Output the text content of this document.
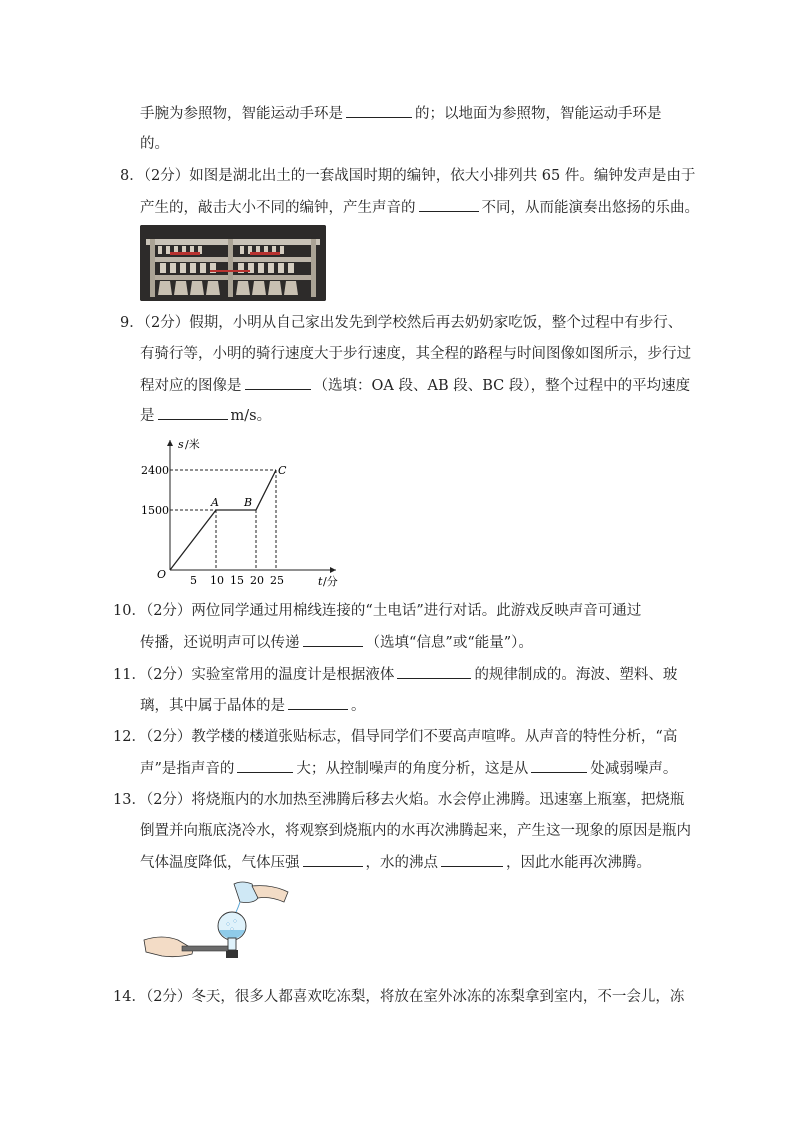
手腕为参照物，智能运动手环是	的；以地面为参照物，智能运动手环是
的。
8．（2分）如图是湖北出土的一套战国时期的编钟，依大小排列共 65 件。编钟发声是由于
产生的，敲击大小不同的编钟，产生声音的	不同，从而能演奏出悠扬的乐曲。
9．（2分）假期，小明从自己家出发先到学校然后再去奶奶家吃饭，整个过程中有步行、
有骑行等，小明的骑行速度大于步行速度，其全程的路程与时间图像如图所示，步行过
程对应的图像是	（选填：OA 段、AB 段、BC 段），整个过程中的平均速度
是	m/s。
s /米
t /分
O
2400
1500
5 10 15 20 25
A B
C
10．（2分）两位同学通过用棉线连接的“土电话”进行对话。此游戏反映声音可通过
传播，还说明声可以传递	（选填“信息”或“能量”）。
11．（2分）实验室常用的温度计是根据液体	的规律制成的。海波、塑料、玻
璃，其中属于晶体的是	。
12．（2分）教学楼的楼道张贴标志，倡导同学们不要高声喧哗。从声音的特性分析，“高
声”是指声音的	大；从控制噪声的角度分析，这是从	处减弱噪声。
13．（2分）将烧瓶内的水加热至沸腾后移去火焰。水会停止沸腾。迅速塞上瓶塞，把烧瓶
倒置并向瓶底浇冷水，将观察到烧瓶内的水再次沸腾起来，产生这一现象的原因是瓶内
气体温度降低，气体压强	，水的沸点	，因此水能再次沸腾。
14．（2分）冬天，很多人都喜欢吃冻梨，将放在室外冰冻的冻梨拿到室内，不一会儿，冻
